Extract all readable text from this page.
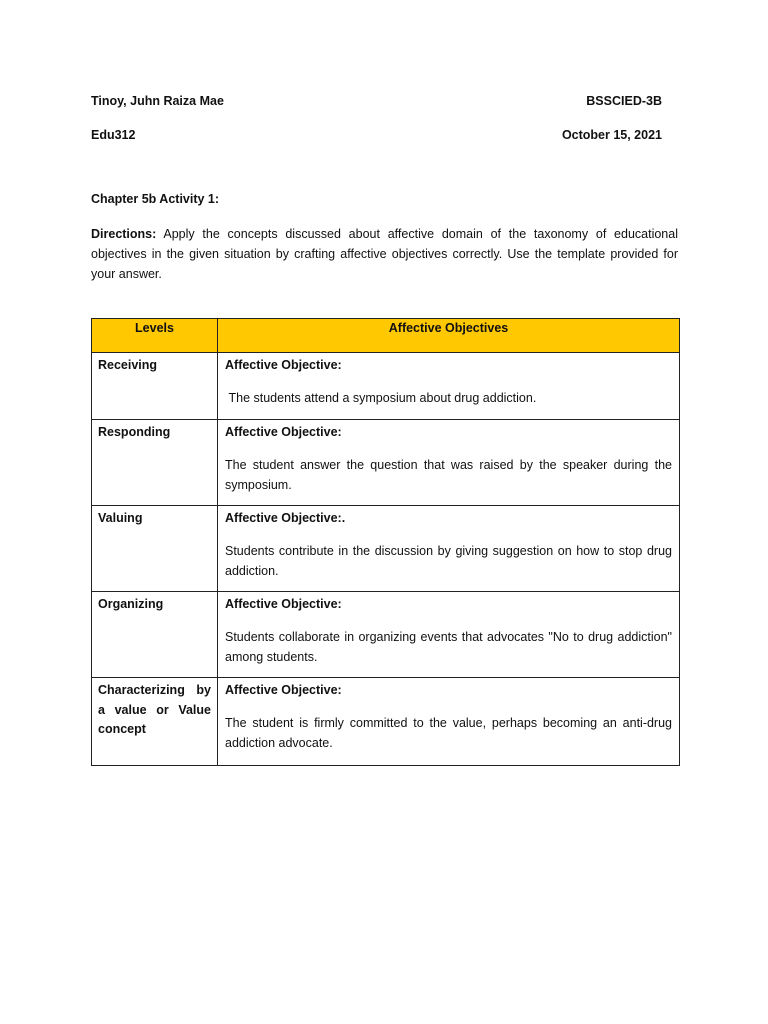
Tinoy, Juhn Raiza Mae	BSSCIED-3B
Edu312	October 15, 2021
Chapter 5b Activity 1:
Directions: Apply the concepts discussed about affective domain of the taxonomy of educational objectives in the given situation by crafting affective objectives correctly. Use the template provided for your answer.
Levels	Affective Objectives

Receiving	Affective Objective:
The students attend a symposium about drug addiction.

Responding	Affective Objective:
The student answer the question that was raised by the speaker during the symposium.

Valuing	Affective Objective:.
Students contribute in the discussion by giving suggestion on how to stop drug addiction.

Organizing	Affective Objective:
Students collaborate in organizing events that advocates "No to drug addiction" among students.

Characterizing by a value or Value concept	Affective Objective:
The student is firmly committed to the value, perhaps becoming an anti-drug addiction advocate.
